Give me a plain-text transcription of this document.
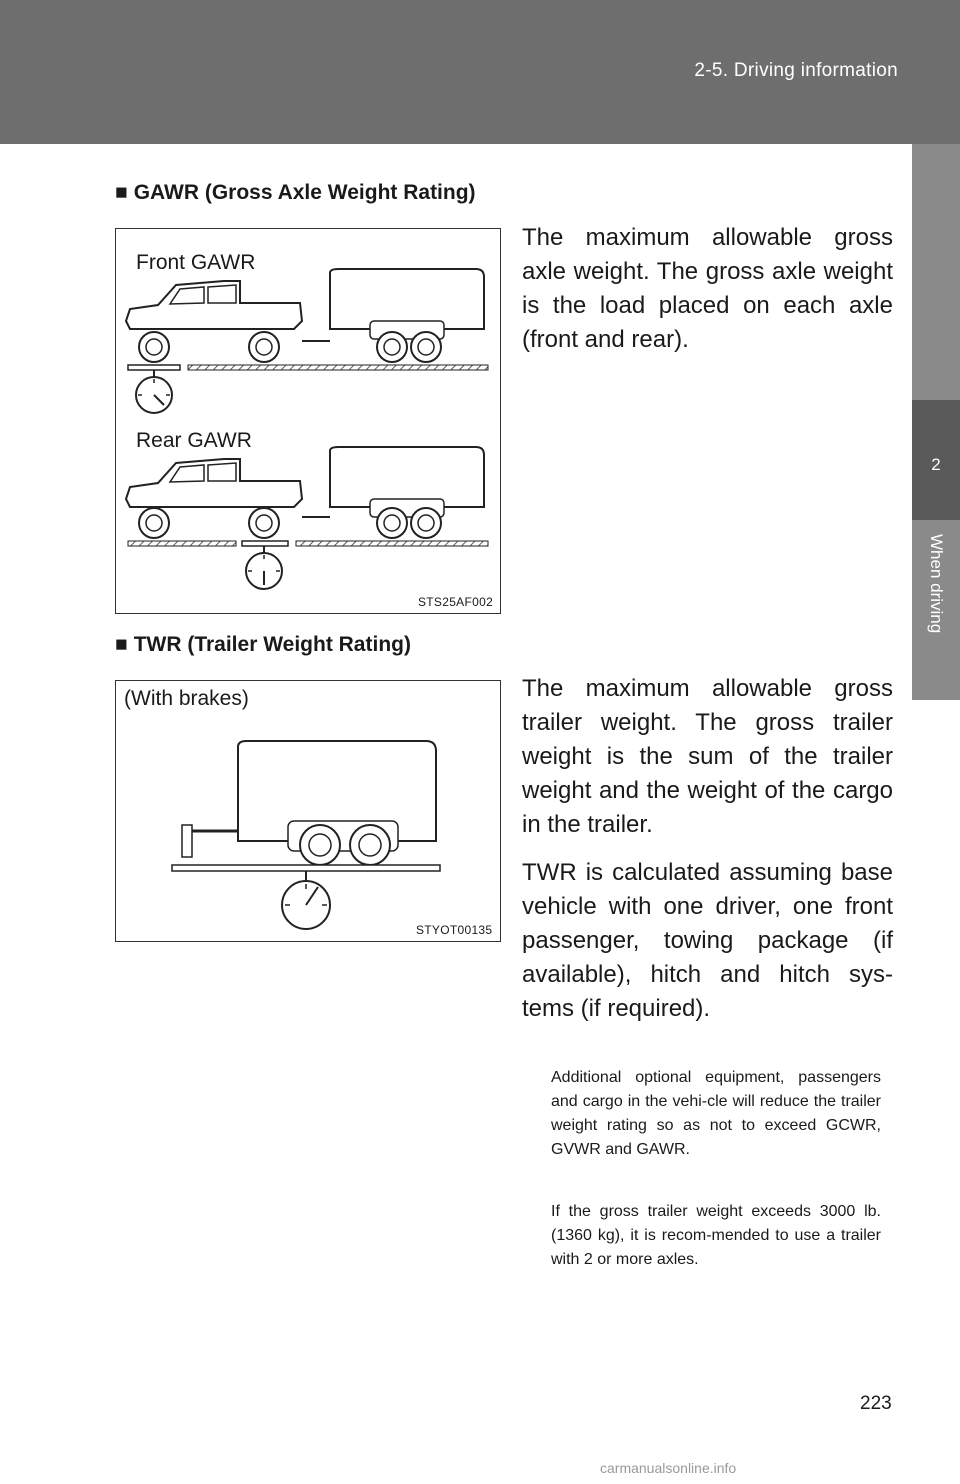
2-5. Driving information
2
When driving
■ GAWR (Gross Axle Weight Rating)
Front GAWR
Rear GAWR
STS25AF002
The maximum allowable gross axle weight. The gross axle weight is the load placed on each axle (front and rear).
■ TWR (Trailer Weight Rating)
(With brakes)
STYOT00135
The maximum allowable gross trailer weight. The gross trailer weight is the sum of the trailer weight and the weight of the cargo in the trailer.
TWR is calculated assuming base vehicle with one driver, one front passenger, towing package (if available), hitch and hitch sys-tems (if required).
Additional optional equipment, passengers and cargo in the vehi-cle will reduce the trailer weight rating so as not to exceed GCWR, GVWR and GAWR.
If the gross trailer weight exceeds 3000 lb. (1360 kg), it is recom-mended to use a trailer with 2 or more axles.
223
carmanualsonline.info
